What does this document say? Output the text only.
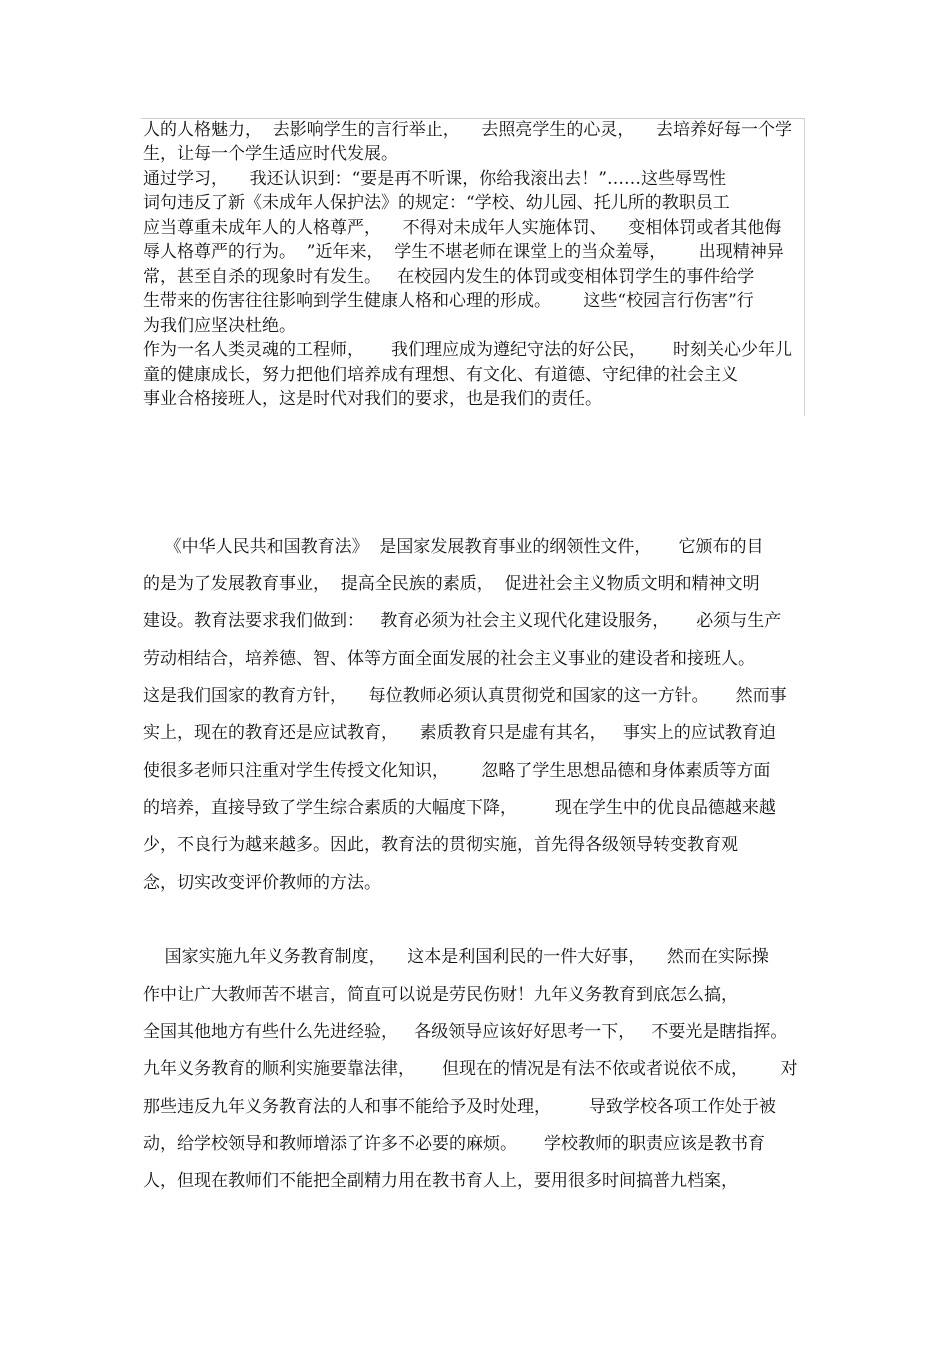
人的人格魅力，  去影响学生的言行举止，    去照亮学生的心灵，    去培养好每一个学
生，让每一个学生适应时代发展。
通过学习，    我还认识到：“要是再不听课，你给我滚出去！”……这些辱骂性
词句违反了新《未成年人保护法》的规定：“学校、幼儿园、托儿所的教职员工
应当尊重未成年人的人格尊严，    不得对未成年人实施体罚、    变相体罚或者其他侮
辱人格尊严的行为。  ”近年来，  学生不堪老师在课堂上的当众羞辱，      出现精神异
常，甚至自杀的现象时有发生。   在校园内发生的体罚或变相体罚学生的事件给学
生带来的伤害往往影响到学生健康人格和心理的形成。      这些“校园言行伤害”行
为我们应坚决杜绝。
作为一名人类灵魂的工程师，     我们理应成为遵纪守法的好公民，     时刻关心少年儿
童的健康成长，努力把他们培养成有理想、有文化、有道德、守纪律的社会主义
事业合格接班人，这是时代对我们的要求，也是我们的责任。
《中华人民共和国教育法》  是国家发展教育事业的纲领性文件，     它颁布的目
的是为了发展教育事业，  提高全民族的素质，  促进社会主义物质文明和精神文明
建设。教育法要求我们做到：   教育必须为社会主义现代化建设服务，     必须与生产
劳动相结合，培养德、智、体等方面全面发展的社会主义事业的建设者和接班人。
这是我们国家的教育方针，    每位教师必须认真贯彻党和国家的这一方针。     然而事
实上，现在的教育还是应试教育，    素质教育只是虚有其名，   事实上的应试教育迫
使很多老师只注重对学生传授文化知识，      忽略了学生思想品德和身体素质等方面
的培养，直接导致了学生综合素质的大幅度下降，       现在学生中的优良品德越来越
少，不良行为越来越多。因此，教育法的贯彻实施，首先得各级领导转变教育观
念，切实改变评价教师的方法。
国家实施九年义务教育制度，    这本是利国利民的一件大好事，    然而在实际操
作中让广大教师苦不堪言，简直可以说是劳民伤财！九年义务教育到底怎么搞，
全国其他地方有些什么先进经验，   各级领导应该好好思考一下，   不要光是瞎指挥。
九年义务教育的顺利实施要靠法律，     但现在的情况是有法不依或者说依不成，      对
那些违反九年义务教育法的人和事不能给予及时处理，       导致学校各项工作处于被
动，给学校领导和教师增添了许多不必要的麻烦。     学校教师的职责应该是教书育
人，但现在教师们不能把全副精力用在教书育人上，要用很多时间搞普九档案，
